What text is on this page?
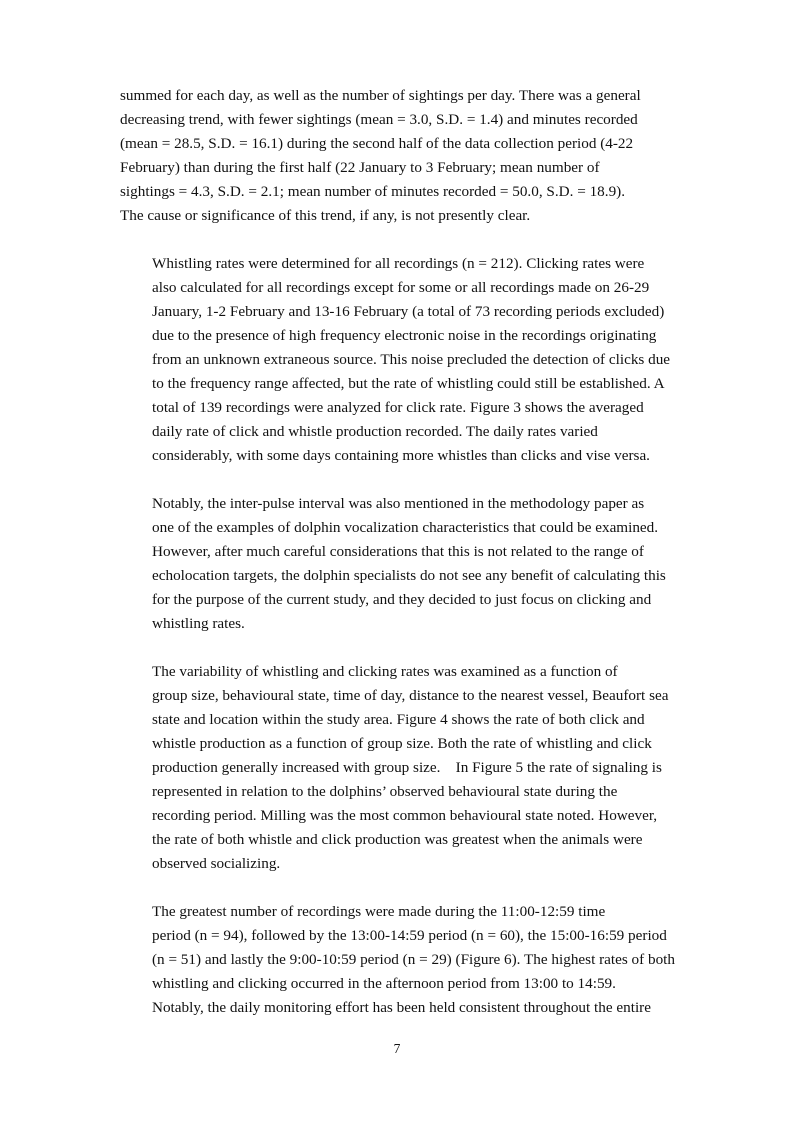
summed for each day, as well as the number of sightings per day. There was a general
decreasing trend, with fewer sightings (mean = 3.0, S.D. = 1.4) and minutes recorded
(mean = 28.5, S.D. = 16.1) during the second half of the data collection period (4-22
February) than during the first half (22 January to 3 February; mean number of
sightings = 4.3, S.D. = 2.1; mean number of minutes recorded = 50.0, S.D. = 18.9).
The cause or significance of this trend, if any, is not presently clear.

Whistling rates were determined for all recordings (n = 212). Clicking rates were
also calculated for all recordings except for some or all recordings made on 26-29
January, 1-2 February and 13-16 February (a total of 73 recording periods excluded)
due to the presence of high frequency electronic noise in the recordings originating
from an unknown extraneous source. This noise precluded the detection of clicks due
to the frequency range affected, but the rate of whistling could still be established. A
total of 139 recordings were analyzed for click rate. Figure 3 shows the averaged
daily rate of click and whistle production recorded. The daily rates varied
considerably, with some days containing more whistles than clicks and vise versa.

Notably, the inter-pulse interval was also mentioned in the methodology paper as
one of the examples of dolphin vocalization characteristics that could be examined.
However, after much careful considerations that this is not related to the range of
echolocation targets, the dolphin specialists do not see any benefit of calculating this
for the purpose of the current study, and they decided to just focus on clicking and
whistling rates.

The variability of whistling and clicking rates was examined as a function of
group size, behavioural state, time of day, distance to the nearest vessel, Beaufort sea
state and location within the study area. Figure 4 shows the rate of both click and
whistle production as a function of group size. Both the rate of whistling and click
production generally increased with group size.    In Figure 5 the rate of signaling is
represented in relation to the dolphins’ observed behavioural state during the
recording period. Milling was the most common behavioural state noted. However,
the rate of both whistle and click production was greatest when the animals were
observed socializing.

The greatest number of recordings were made during the 11:00-12:59 time
period (n = 94), followed by the 13:00-14:59 period (n = 60), the 15:00-16:59 period
(n = 51) and lastly the 9:00-10:59 period (n = 29) (Figure 6). The highest rates of both
whistling and clicking occurred in the afternoon period from 13:00 to 14:59.
Notably, the daily monitoring effort has been held consistent throughout the entire

7
